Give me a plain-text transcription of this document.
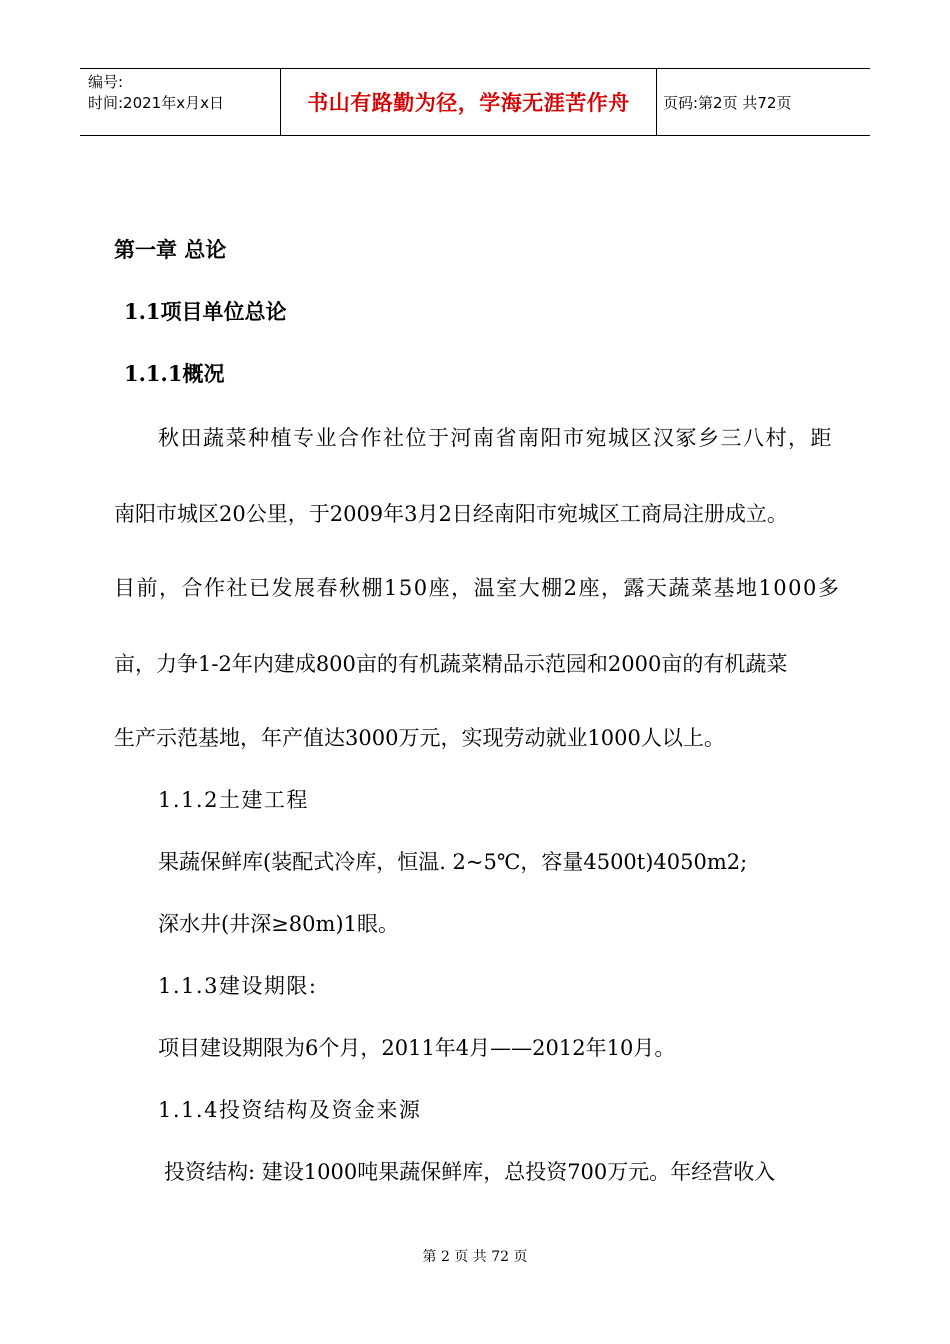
编号:
时间:2021年x月x日	书山有路勤为径，学海无涯苦作舟	页码:第2页 共72页
第一章 总论
1.1项目单位总论
1.1.1概况
秋田蔬菜种植专业合作社位于河南省南阳市宛城区汉冢乡三八村，距
南阳市城区20公里，于2009年3月2日经南阳市宛城区工商局注册成立。
目前，合作社已发展春秋棚150座，温室大棚2座，露天蔬菜基地1000多
亩，力争1-2年内建成800亩的有机蔬菜精品示范园和2000亩的有机蔬菜
生产示范基地，年产值达3000万元，实现劳动就业1000人以上。
1.1.2土建工程
果蔬保鲜库(装配式冷库，恒温. 2~5℃，容量4500t)4050m2;
深水井(井深≥80m)1眼。
1.1.3建设期限:
项目建设期限为6个月，2011年4月——2012年10月。
1.1.4投资结构及资金来源
投资结构: 建设1000吨果蔬保鲜库，总投资700万元。年经营收入
第 2 页 共 72 页
